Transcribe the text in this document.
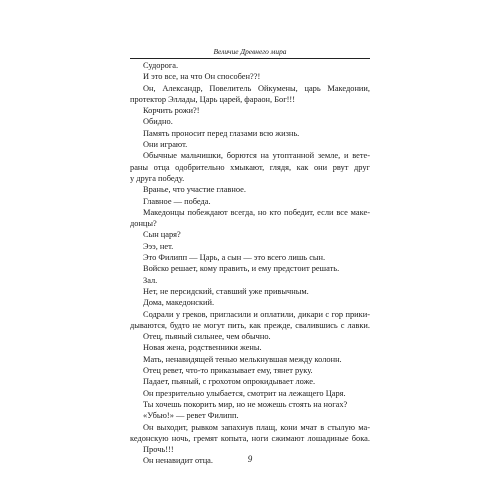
Величие Древнего мира
Судорога.
И это все, на что Он способен??!
Он, Александр, Повелитель Ойкумены, царь Македонии,
протектор Эллады, Царь царей, фараон, Бог!!!
Корчить рожи?!
Обидно.
Память проносит перед глазами всю жизнь.
Они играют.
Обычные мальчишки, борются на утоптанной земле, и вете-
раны отца одобрительно хмыкают, глядя, как они рвут друг
у друга победу.
Вранье, что участие главное.
Главное — победа.
Македонцы побеждают всегда, но кто победит, если все маке-
донцы?
Сын царя?
Эээ, нет.
Это Филипп — Царь, а сын — это всего лишь сын.
Войско решает, кому править, и ему предстоит решать.
Зал.
Нет, не персидский, ставший уже привычным.
Дома, македонский.
Содрали у греков, пригласили и оплатили, дикари с гор прики-
дываются, будто не могут пить, как прежде, свалившись с лавки.
Отец, пьяный сильнее, чем обычно.
Новая жена, родственники жены.
Мать, ненавидящей тенью мелькнувшая между колонн.
Отец ревет, что-то приказывает ему, тянет руку.
Падает, пьяный, с грохотом опрокидывает ложе.
Он презрительно улыбается, смотрит на лежащего Царя.
Ты хочешь покорить мир, но не можешь стоять на ногах?
«Убью!» — ревет Филипп.
Он выходит, рывком запахнув плащ, кони мчат в стылую ма-
кедонскую ночь, гремят копыта, ноги сжимают лошадиные бока.
Прочь!!!
Он ненавидит отца.	9
